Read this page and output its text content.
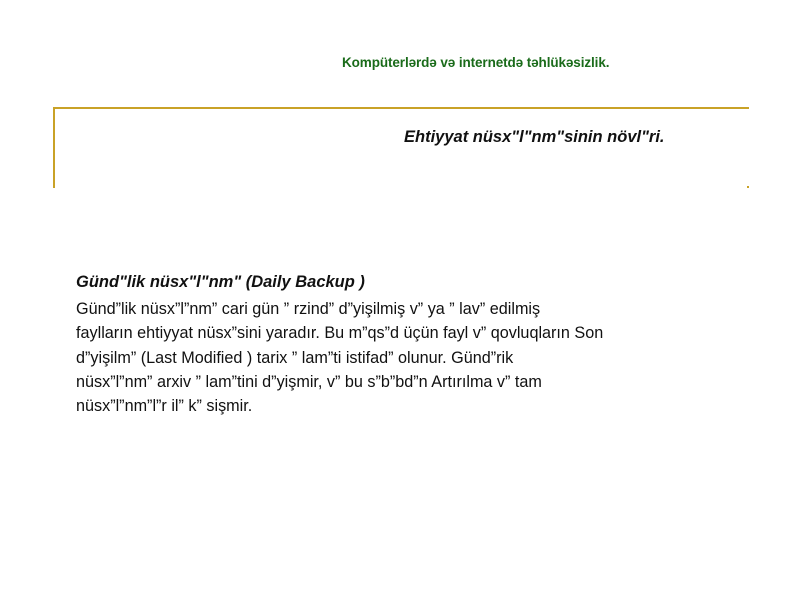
Kompüterlərdə və internetdə təhlükəsizlik.
Ehtiyyat nüsx"l"nm"sinin növl"ri.
Günd"lik nüsx"l"nm" (Daily Backup )
Günd”lik nüsx”l”nm” cari gün ” rzind” d”yişilmiş v” ya ” lav” edilmiş
faylların ehtiyyat nüsx”sini yaradır. Bu m”qs”d üçün fayl v” qovluqların Son
d”yişilm” (Last Modified ) tarix ” lam”ti istifad” olunur. Günd”rik
nüsx”l”nm” arxiv ” lam”tini d”yişmir, v” bu s”b”bd”n Artırılma v” tam
nüsx”l”nm”l”r il” k” sişmir.
